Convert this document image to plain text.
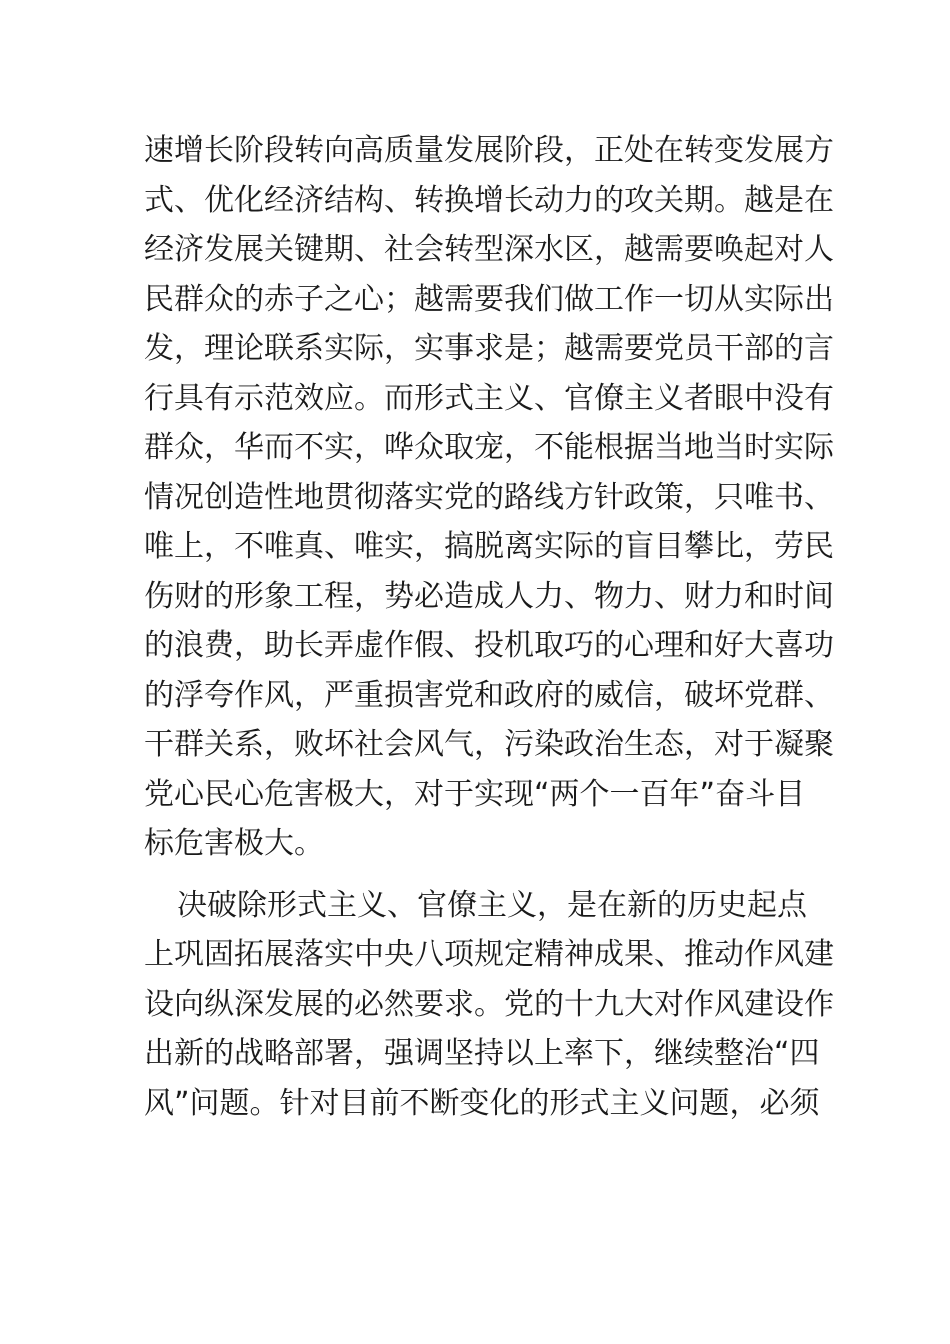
速增长阶段转向高质量发展阶段，正处在转变发展方
式、优化经济结构、转换增长动力的攻关期。越是在
经济发展关键期、社会转型深水区，越需要唤起对人
民群众的赤子之心；越需要我们做工作一切从实际出
发，理论联系实际，实事求是；越需要党员干部的言
行具有示范效应。而形式主义、官僚主义者眼中没有
群众，华而不实，哗众取宠，不能根据当地当时实际
情况创造性地贯彻落实党的路线方针政策，只唯书、
唯上，不唯真、唯实，搞脱离实际的盲目攀比，劳民
伤财的形象工程，势必造成人力、物力、财力和时间
的浪费，助长弄虚作假、投机取巧的心理和好大喜功
的浮夸作风，严重损害党和政府的威信，破坏党群、
干群关系，败坏社会风气，污染政治生态，对于凝聚
党心民心危害极大，对于实现“两个一百年”奋斗目
标危害极大。
决破除形式主义、官僚主义，是在新的历史起点
上巩固拓展落实中央八项规定精神成果、推动作风建
设向纵深发展的必然要求。党的十九大对作风建设作
出新的战略部署，强调坚持以上率下，继续整治“四
风”问题。针对目前不断变化的形式主义问题，必须
